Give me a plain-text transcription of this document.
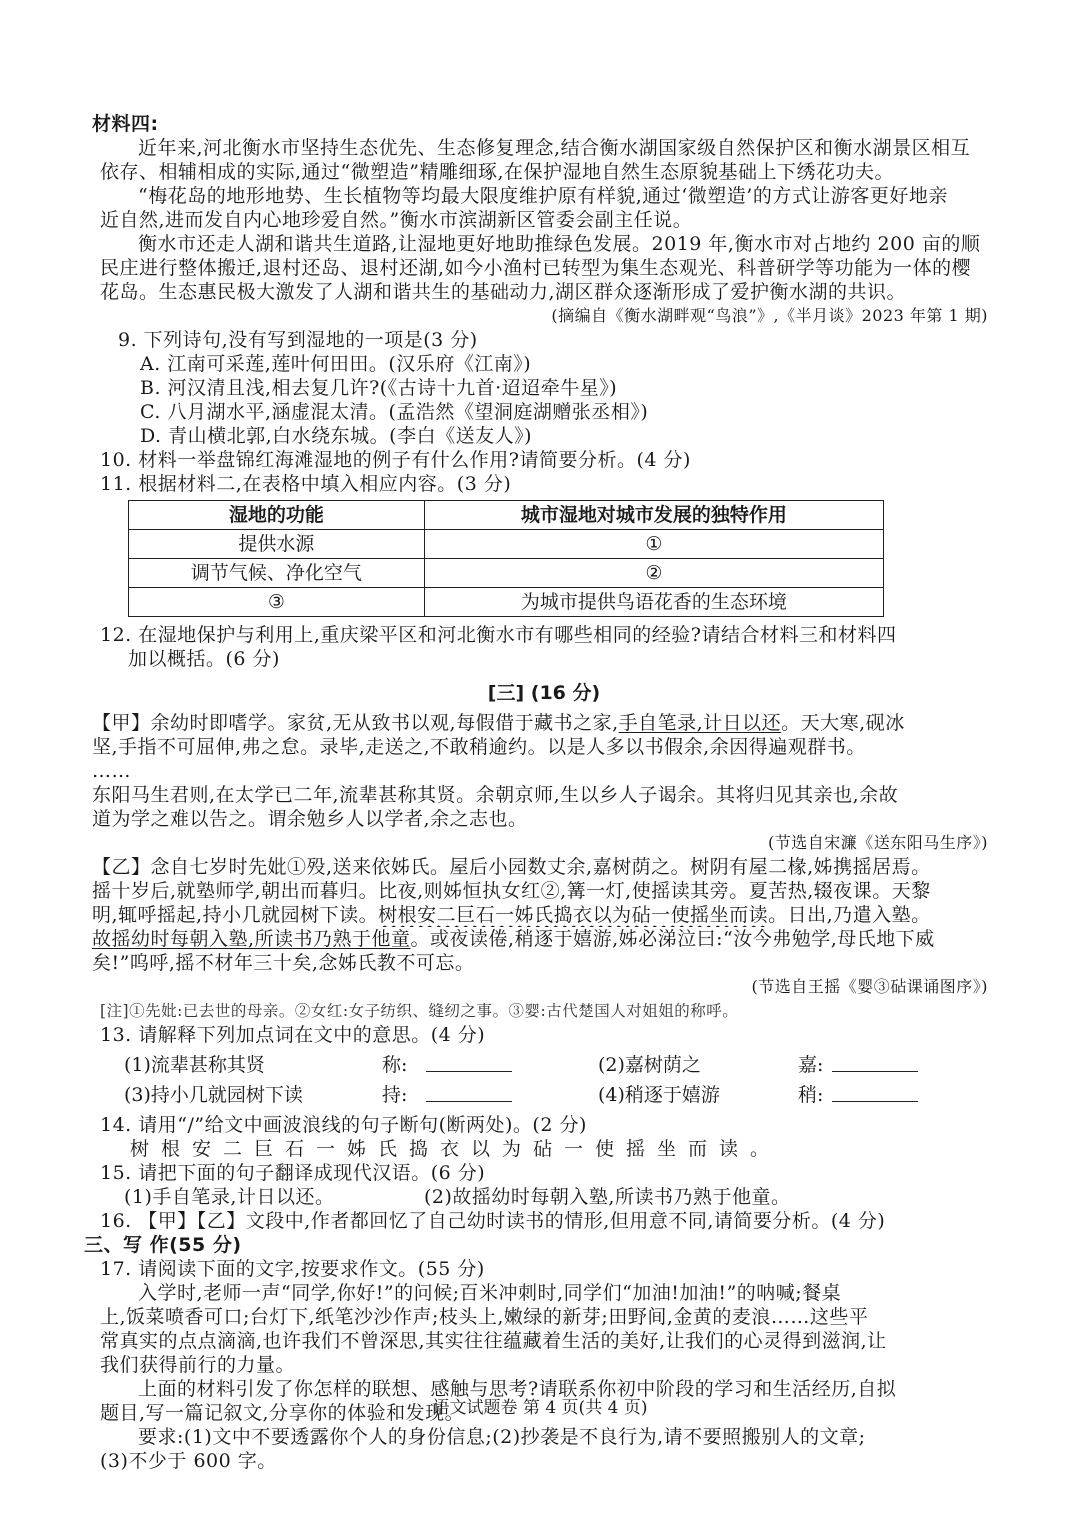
材料四:
近年来,河北衡水市坚持生态优先、生态修复理念,结合衡水湖国家级自然保护区和衡水湖景区相互
依存、相辅相成的实际,通过“微塑造”精雕细琢,在保护湿地自然生态原貌基础上下绣花功夫。
“梅花岛的地形地势、生长植物等均最大限度维护原有样貌,通过‘微塑造’的方式让游客更好地亲
近自然,进而发自内心地珍爱自然。”衡水市滨湖新区管委会副主任说。
衡水市还走人湖和谐共生道路,让湿地更好地助推绿色发展。2019 年,衡水市对占地约 200 亩的顺
民庄进行整体搬迁,退村还岛、退村还湖,如今小渔村已转型为集生态观光、科普研学等功能为一体的樱
花岛。生态惠民极大激发了人湖和谐共生的基础动力,湖区群众逐渐形成了爱护衡水湖的共识。
(摘编自《衡水湖畔观“鸟浪”》,《半月谈》2023 年第 1 期)
9. 下列诗句,没有写到湿地的一项是(3 分)
A. 江南可采莲,莲叶何田田。(汉乐府《江南》)
B. 河汉清且浅,相去复几许?(《古诗十九首·迢迢牵牛星》)
C. 八月湖水平,涵虚混太清。(孟浩然《望洞庭湖赠张丞相》)
D. 青山横北郭,白水绕东城。(李白《送友人》)
10. 材料一举盘锦红海滩湿地的例子有什么作用?请简要分析。(4 分)
11. 根据材料二,在表格中填入相应内容。(3 分)
湿地的功能	城市湿地对城市发展的独特作用
提供水源	①
调节气候、净化空气	②
③	为城市提供鸟语花香的生态环境
12. 在湿地保护与利用上,重庆梁平区和河北衡水市有哪些相同的经验?请结合材料三和材料四
加以概括。(6 分)
[三] (16 分)
【甲】余幼时即嗜学。家贫,无从致书以观,每假借于藏书之家,手自笔录,计日以还。天大寒,砚冰
坚,手指不可屈伸,弗之怠。录毕,走送之,不敢稍逾约。以是人多以书假余,余因得遍观群书。
……
东阳马生君则,在太学已二年,流辈甚称其贤。余朝京师,生以乡人子谒余。其将归见其亲也,余故
道为学之难以告之。谓余勉乡人以学者,余之志也。
(节选自宋濂《送东阳马生序》)
【乙】念自七岁时先妣①殁,送来依姊氏。屋后小园数丈余,嘉树荫之。树阴有屋二椽,姊携摇居焉。
摇十岁后,就塾师学,朝出而暮归。比夜,则姊恒执女红②,篝一灯,使摇读其旁。夏苦热,辍夜课。天黎
明,辄呼摇起,持小几就园树下读。树根安二巨石一姊氏捣衣以为砧一使摇坐而读。日出,乃遣入塾。
故摇幼时每朝入塾,所读书乃熟于他童。或夜读倦,稍逐于嬉游,姊必涕泣曰:“汝今弗勉学,母氏地下威
矣!”呜呼,摇不材年三十矣,念姊氏教不可忘。
(节选自王摇《婴③砧课诵图序》)
[注]①先妣:已去世的母亲。②女红:女子纺织、缝纫之事。③婴:古代楚国人对姐姐的称呼。
13. 请解释下列加点词在文中的意思。(4 分)
(1)流辈甚称其贤	称:	(2)嘉树荫之	嘉:
(3)持小几就园树下读	持:	(4)稍逐于嬉游	稍:
14. 请用“/”给文中画波浪线的句子断句(断两处)。(2 分)
树根安二巨石一姊氏捣衣以为砧一使摇坐而读。
15. 请把下面的句子翻译成现代汉语。(6 分)
(1)手自笔录,计日以还。	(2)故摇幼时每朝入塾,所读书乃熟于他童。
16. 【甲】【乙】文段中,作者都回忆了自己幼时读书的情形,但用意不同,请简要分析。(4 分)
三、写 作(55 分)
17. 请阅读下面的文字,按要求作文。(55 分)
入学时,老师一声“同学,你好!”的问候;百米冲刺时,同学们“加油!加油!”的呐喊;餐桌
上,饭菜喷香可口;台灯下,纸笔沙沙作声;枝头上,嫩绿的新芽;田野间,金黄的麦浪……这些平
常真实的点点滴滴,也许我们不曾深思,其实往往蕴藏着生活的美好,让我们的心灵得到滋润,让
我们获得前行的力量。
上面的材料引发了你怎样的联想、感触与思考?请联系你初中阶段的学习和生活经历,自拟
题目,写一篇记叙文,分享你的体验和发现。
要求:(1)文中不要透露你个人的身份信息;(2)抄袭是不良行为,请不要照搬别人的文章;
(3)不少于 600 字。
语文试题卷 第 4 页(共 4 页)
